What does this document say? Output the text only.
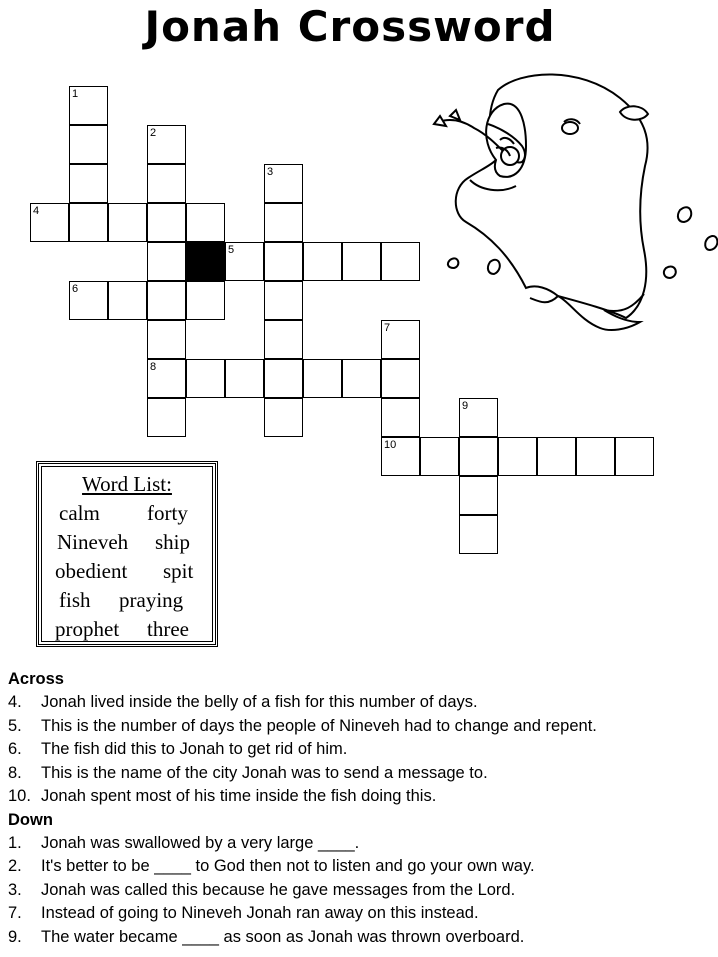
Jonah Crossword
1
2
8
3
4
5
6
7
10
9
Word List:
calm forty
Nineveh ship
obedient spit
fish praying
prophet three
Across
4. Jonah lived inside the belly of a fish for this number of days.
5. This is the number of days the people of Nineveh had to change and repent.
6. The fish did this to Jonah to get rid of him.
8. This is the name of the city Jonah was to send a message to.
10. Jonah spent most of his time inside the fish doing this.
Down
1. Jonah was swallowed by a very large ____.
2. It's better to be ____ to God then not to listen and go your own way.
3. Jonah was called this because he gave messages from the Lord.
7. Instead of going to Nineveh Jonah ran away on this instead.
9. The water became ____ as soon as Jonah was thrown overboard.
